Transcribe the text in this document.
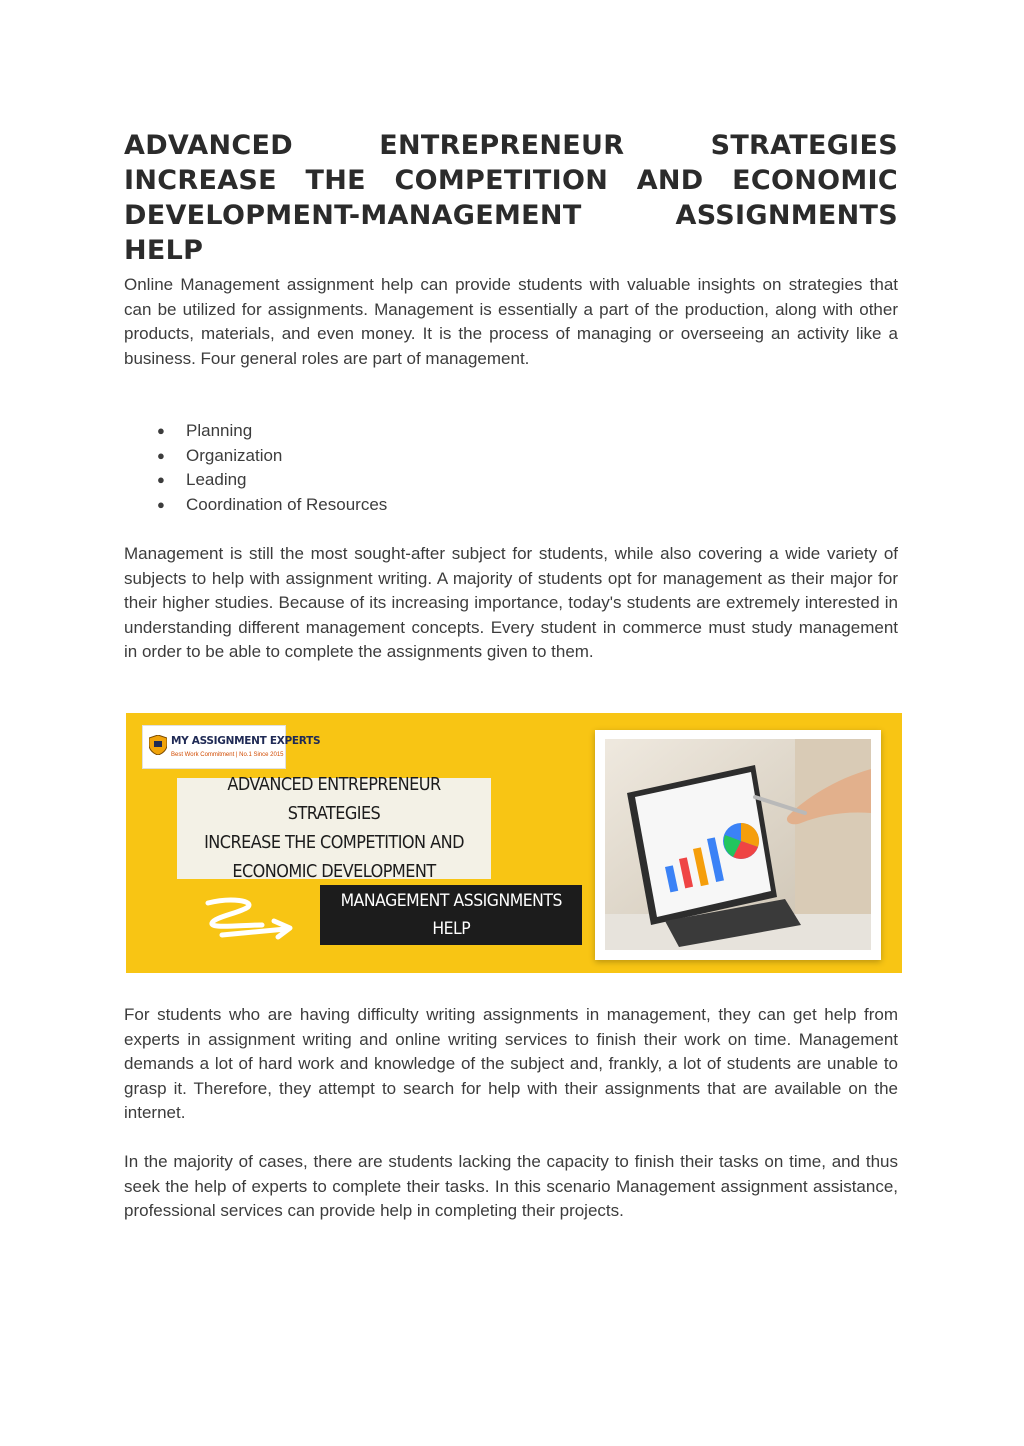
ADVANCED ENTREPRENEUR STRATEGIES INCREASE THE COMPETITION AND ECONOMIC DEVELOPMENT-MANAGEMENT ASSIGNMENTS HELP

Online Management assignment help can provide students with valuable insights on strategies that can be utilized for assignments. Management is essentially a part of the production, along with other products, materials, and even money. It is the process of managing or overseeing an activity like a business. Four general roles are part of management.

● Planning
● Organization
● Leading
● Coordination of Resources

Management is still the most sought-after subject for students, while also covering a wide variety of subjects to help with assignment writing. A majority of students opt for management as their major for their higher studies. Because of its increasing importance, today's students are extremely interested in understanding different management concepts. Every student in commerce must study management in order to be able to complete the assignments given to them.

For students who are having difficulty writing assignments in management, they can get help from experts in assignment writing and online writing services to finish their work on time. Management demands a lot of hard work and knowledge of the subject and, frankly, a lot of students are unable to grasp it. Therefore, they attempt to search for help with their assignments that are available on the internet.

In the majority of cases, there are students lacking the capacity to finish their tasks on time, and thus seek the help of experts to complete their tasks. In this scenario Management assignment assistance, professional services can provide help in completing their projects.

MY ASSIGNMENT EXPERTS
Best Work Commitment | No.1 Since 2015
ADVANCED ENTREPRENEUR STRATEGIES
INCREASE THE COMPETITION AND
ECONOMIC DEVELOPMENT
MANAGEMENT ASSIGNMENTS
HELP
